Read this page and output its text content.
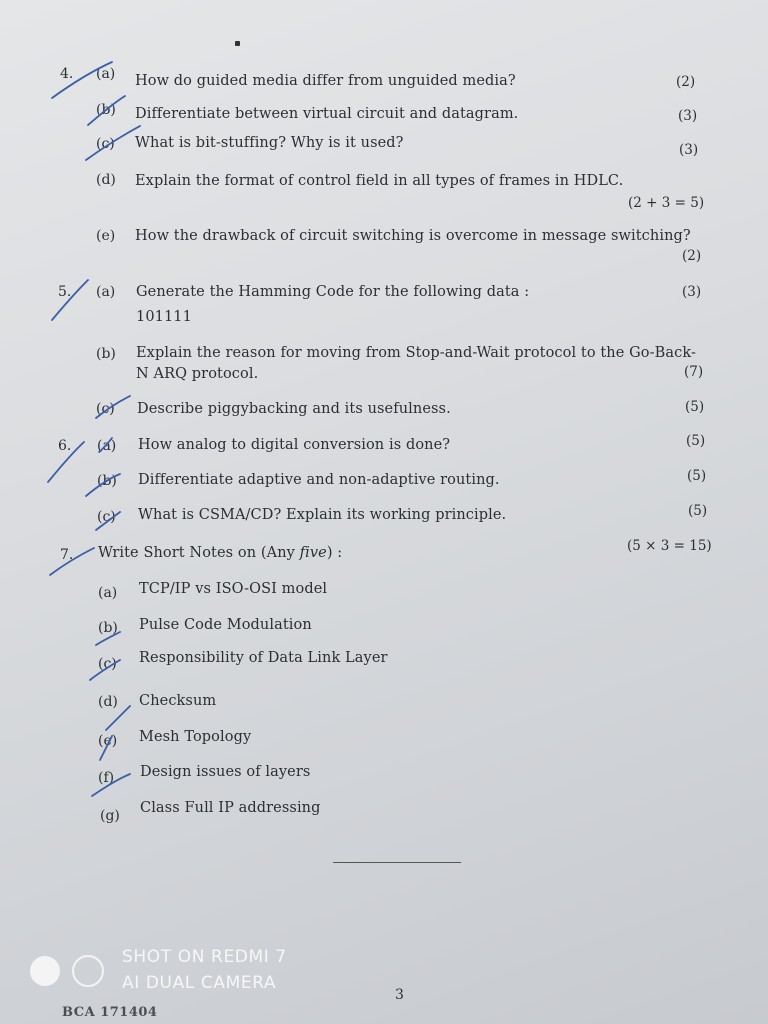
4. (a) How do guided media differ from unguided media?	(2)
(b) Differentiate between virtual circuit and datagram.	(3)
(c) What is bit-stuffing? Why is it used?	(3)
(d) Explain the format of control field in all types of frames in HDLC.
(2 + 3 = 5)
(e) How the drawback of circuit switching is overcome in message switching?
(2)
5. (a) Generate the Hamming Code for the following data :	(3)
101111
(b) Explain the reason for moving from Stop-and-Wait protocol to the Go-Back-
N ARQ protocol.	(7)
(c) Describe piggybacking and its usefulness.	(5)
6. (a) How analog to digital conversion is done?	(5)
(b) Differentiate adaptive and non-adaptive routing.	(5)
(c) What is CSMA/CD? Explain its working principle.	(5)
7. Write Short Notes on (Any five) :	(5 × 3 = 15)
(a) TCP/IP vs ISO-OSI model
(b) Pulse Code Modulation
(c) Responsibility of Data Link Layer
(d) Checksum
(e) Mesh Topology
(f) Design issues of layers
(g) Class Full IP addressing
3
BCA 171404
SHOT ON REDMI 7
AI DUAL CAMERA
